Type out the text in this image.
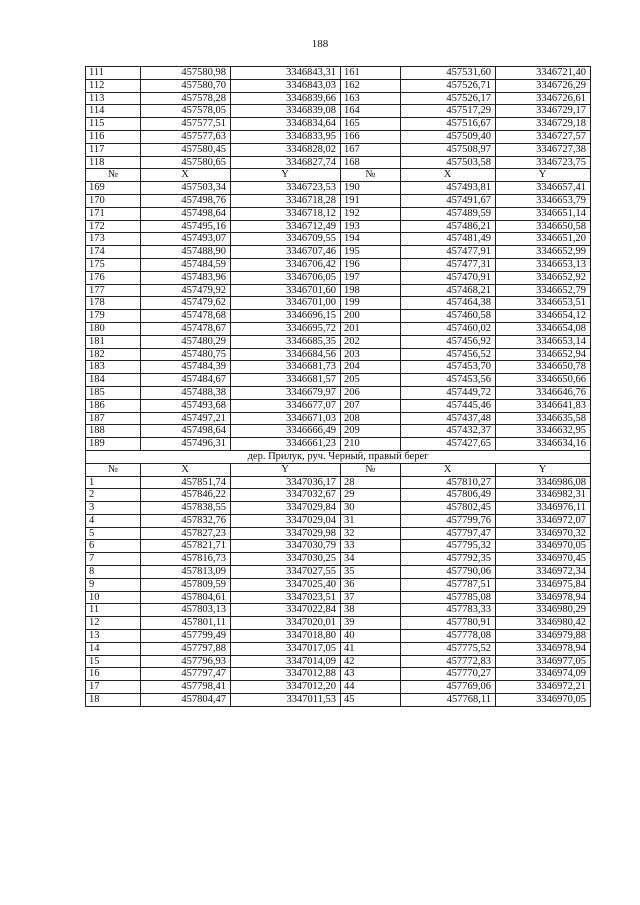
188
111	457580,98	3346843,31	161	457531,60	3346721,40
112	457580,70	3346843,03	162	457526,71	3346726,29
113	457578,28	3346839,66	163	457526,17	3346726,61
114	457578,05	3346839,08	164	457517,29	3346729,17
115	457577,51	3346834,64	165	457516,67	3346729,18
116	457577,63	3346833,95	166	457509,40	3346727,57
117	457580,45	3346828,02	167	457508,97	3346727,38
118	457580,65	3346827,74	168	457503,58	3346723,75
№	X	Y	№	X	Y
169	457503,34	3346723,53	190	457493,81	3346657,41
170	457498,76	3346718,28	191	457491,67	3346653,79
171	457498,64	3346718,12	192	457489,59	3346651,14
172	457495,16	3346712,49	193	457486,21	3346650,58
173	457493,07	3346709,55	194	457481,49	3346651,20
174	457488,90	3346707,46	195	457477,91	3346652,99
175	457484,59	3346706,42	196	457477,31	3346653,13
176	457483,96	3346706,05	197	457470,91	3346652,92
177	457479,92	3346701,60	198	457468,21	3346652,79
178	457479,62	3346701,00	199	457464,38	3346653,51
179	457478,68	3346696,15	200	457460,58	3346654,12
180	457478,67	3346695,72	201	457460,02	3346654,08
181	457480,29	3346685,35	202	457456,92	3346653,14
182	457480,75	3346684,56	203	457456,52	3346652,94
183	457484,39	3346681,73	204	457453,70	3346650,78
184	457484,67	3346681,57	205	457453,56	3346650,66
185	457488,38	3346679,97	206	457449,72	3346646,76
186	457493,68	3346677,07	207	457445,46	3346641,83
187	457497,21	3346671,03	208	457437,48	3346635,58
188	457498,64	3346666,49	209	457432,37	3346632,95
189	457496,31	3346661,23	210	457427,65	3346634,16
дер. Прилук, руч. Черный, правый берег					
№	X	Y	№	X	Y
1	457851,74	3347036,17	28	457810,27	3346986,08
2	457846,22	3347032,67	29	457806,49	3346982,31
3	457838,55	3347029,84	30	457802,45	3346976,11
4	457832,76	3347029,04	31	457799,76	3346972,07
5	457827,23	3347029,98	32	457797,47	3346970,32
6	457821,71	3347030,79	33	457795,32	3346970,05
7	457816,73	3347030,25	34	457792,35	3346970,45
8	457813,09	3347027,55	35	457790,06	3346972,34
9	457809,59	3347025,40	36	457787,51	3346975,84
10	457804,61	3347023,51	37	457785,08	3346978,94
11	457803,13	3347022,84	38	457783,33	3346980,29
12	457801,11	3347020,01	39	457780,91	3346980,42
13	457799,49	3347018,80	40	457778,08	3346979,88
14	457797,88	3347017,05	41	457775,52	3346978,94
15	457796,93	3347014,09	42	457772,83	3346977,05
16	457797,47	3347012,88	43	457770,27	3346974,09
17	457798,41	3347012,20	44	457769,06	3346972,21
18	457804,47	3347011,53	45	457768,11	3346970,05
